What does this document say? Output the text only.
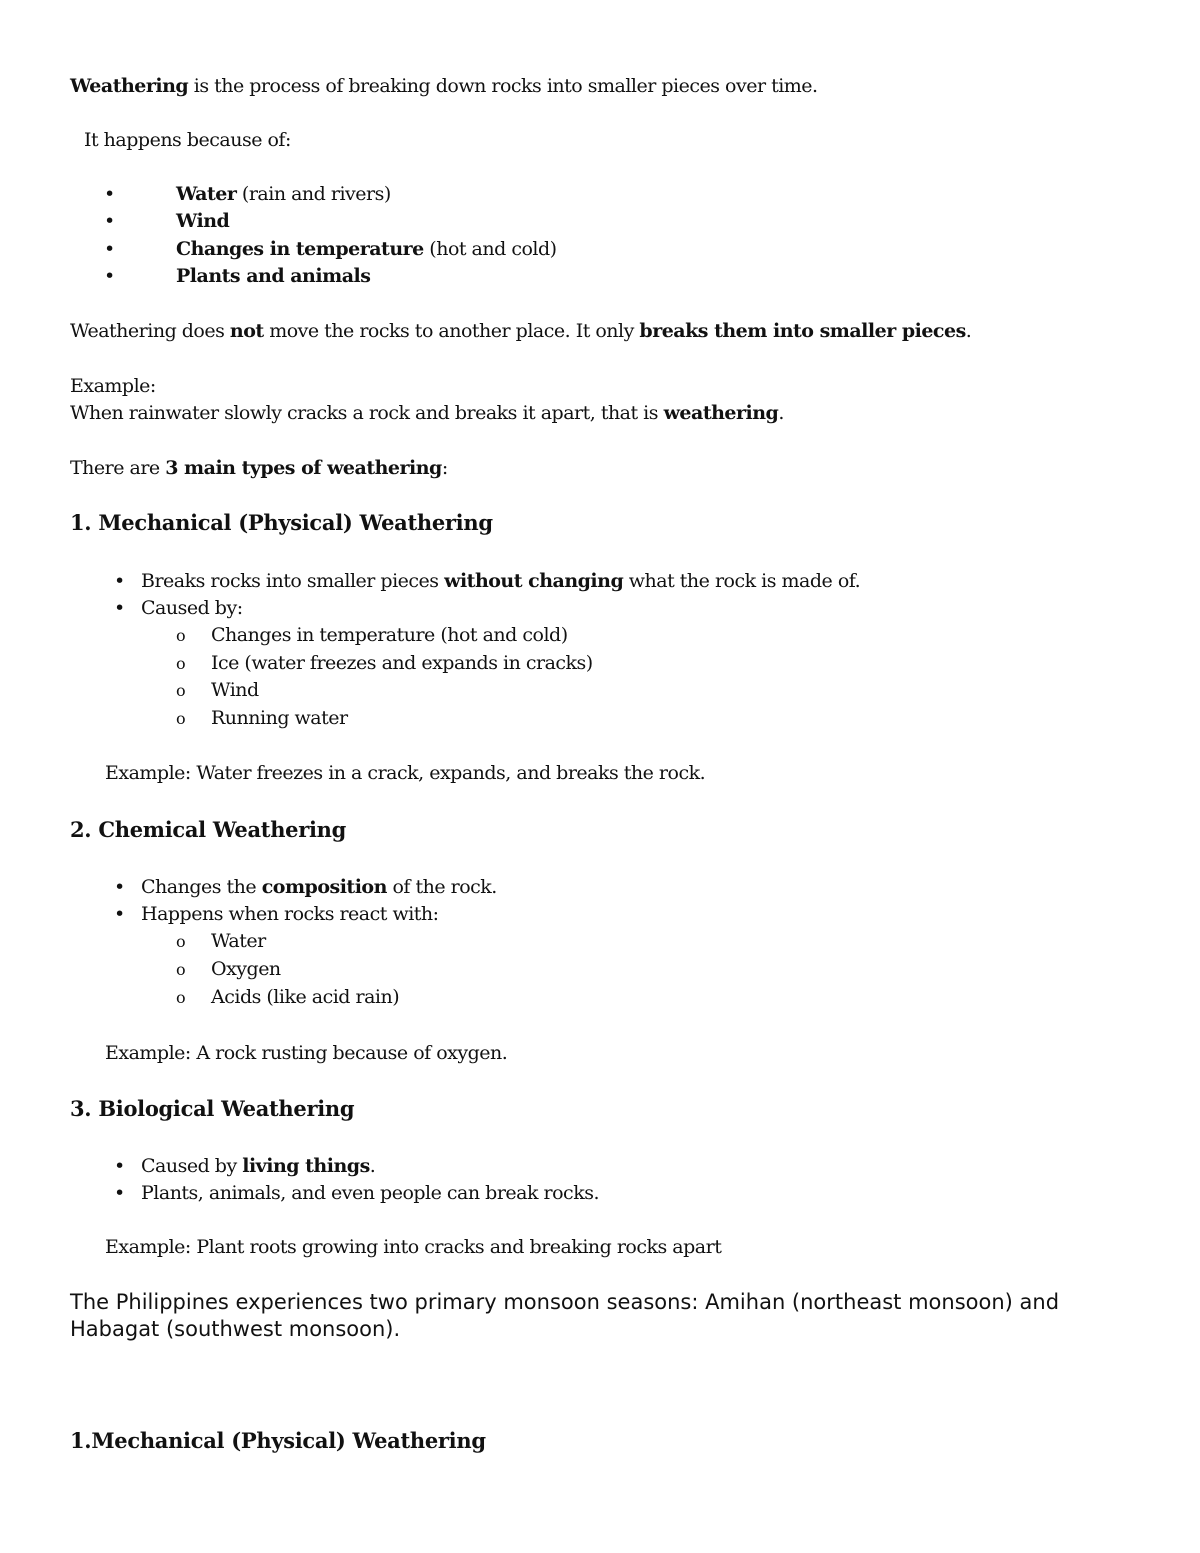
Weathering is the process of breaking down rocks into smaller pieces over time.
It happens because of:
•	Water (rain and rivers)
•	Wind
•	Changes in temperature (hot and cold)
•	Plants and animals
Weathering does not move the rocks to another place. It only breaks them into smaller pieces.
Example:
When rainwater slowly cracks a rock and breaks it apart, that is weathering.
There are 3 main types of weathering:
1. Mechanical (Physical) Weathering
• Breaks rocks into smaller pieces without changing what the rock is made of.
• Caused by:
o Changes in temperature (hot and cold)
o Ice (water freezes and expands in cracks)
o Wind
o Running water
Example: Water freezes in a crack, expands, and breaks the rock.
2. Chemical Weathering
• Changes the composition of the rock.
• Happens when rocks react with:
o Water
o Oxygen
o Acids (like acid rain)
Example: A rock rusting because of oxygen.
3. Biological Weathering
• Caused by living things.
• Plants, animals, and even people can break rocks.
Example: Plant roots growing into cracks and breaking rocks apart
The Philippines experiences two primary monsoon seasons: Amihan (northeast monsoon) and Habagat (southwest monsoon).
1.Mechanical (Physical) Weathering
